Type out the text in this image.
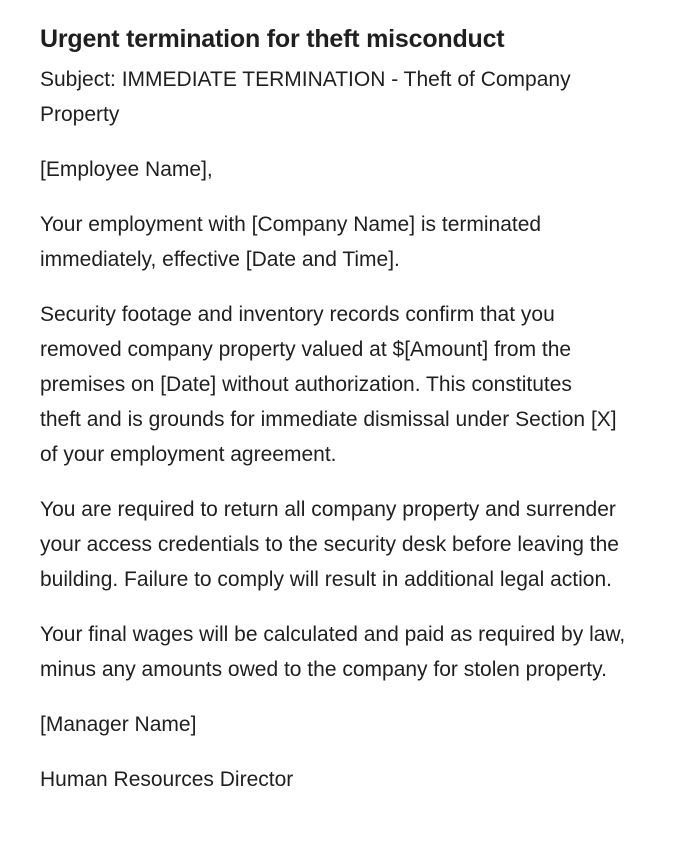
Urgent termination for theft misconduct
Subject: IMMEDIATE TERMINATION - Theft of Company
Property
[Employee Name],
Your employment with [Company Name] is terminated
immediately, effective [Date and Time].
Security footage and inventory records confirm that you
removed company property valued at $[Amount] from the
premises on [Date] without authorization. This constitutes
theft and is grounds for immediate dismissal under Section [X]
of your employment agreement.
You are required to return all company property and surrender
your access credentials to the security desk before leaving the
building. Failure to comply will result in additional legal action.
Your final wages will be calculated and paid as required by law,
minus any amounts owed to the company for stolen property.
[Manager Name]
Human Resources Director
